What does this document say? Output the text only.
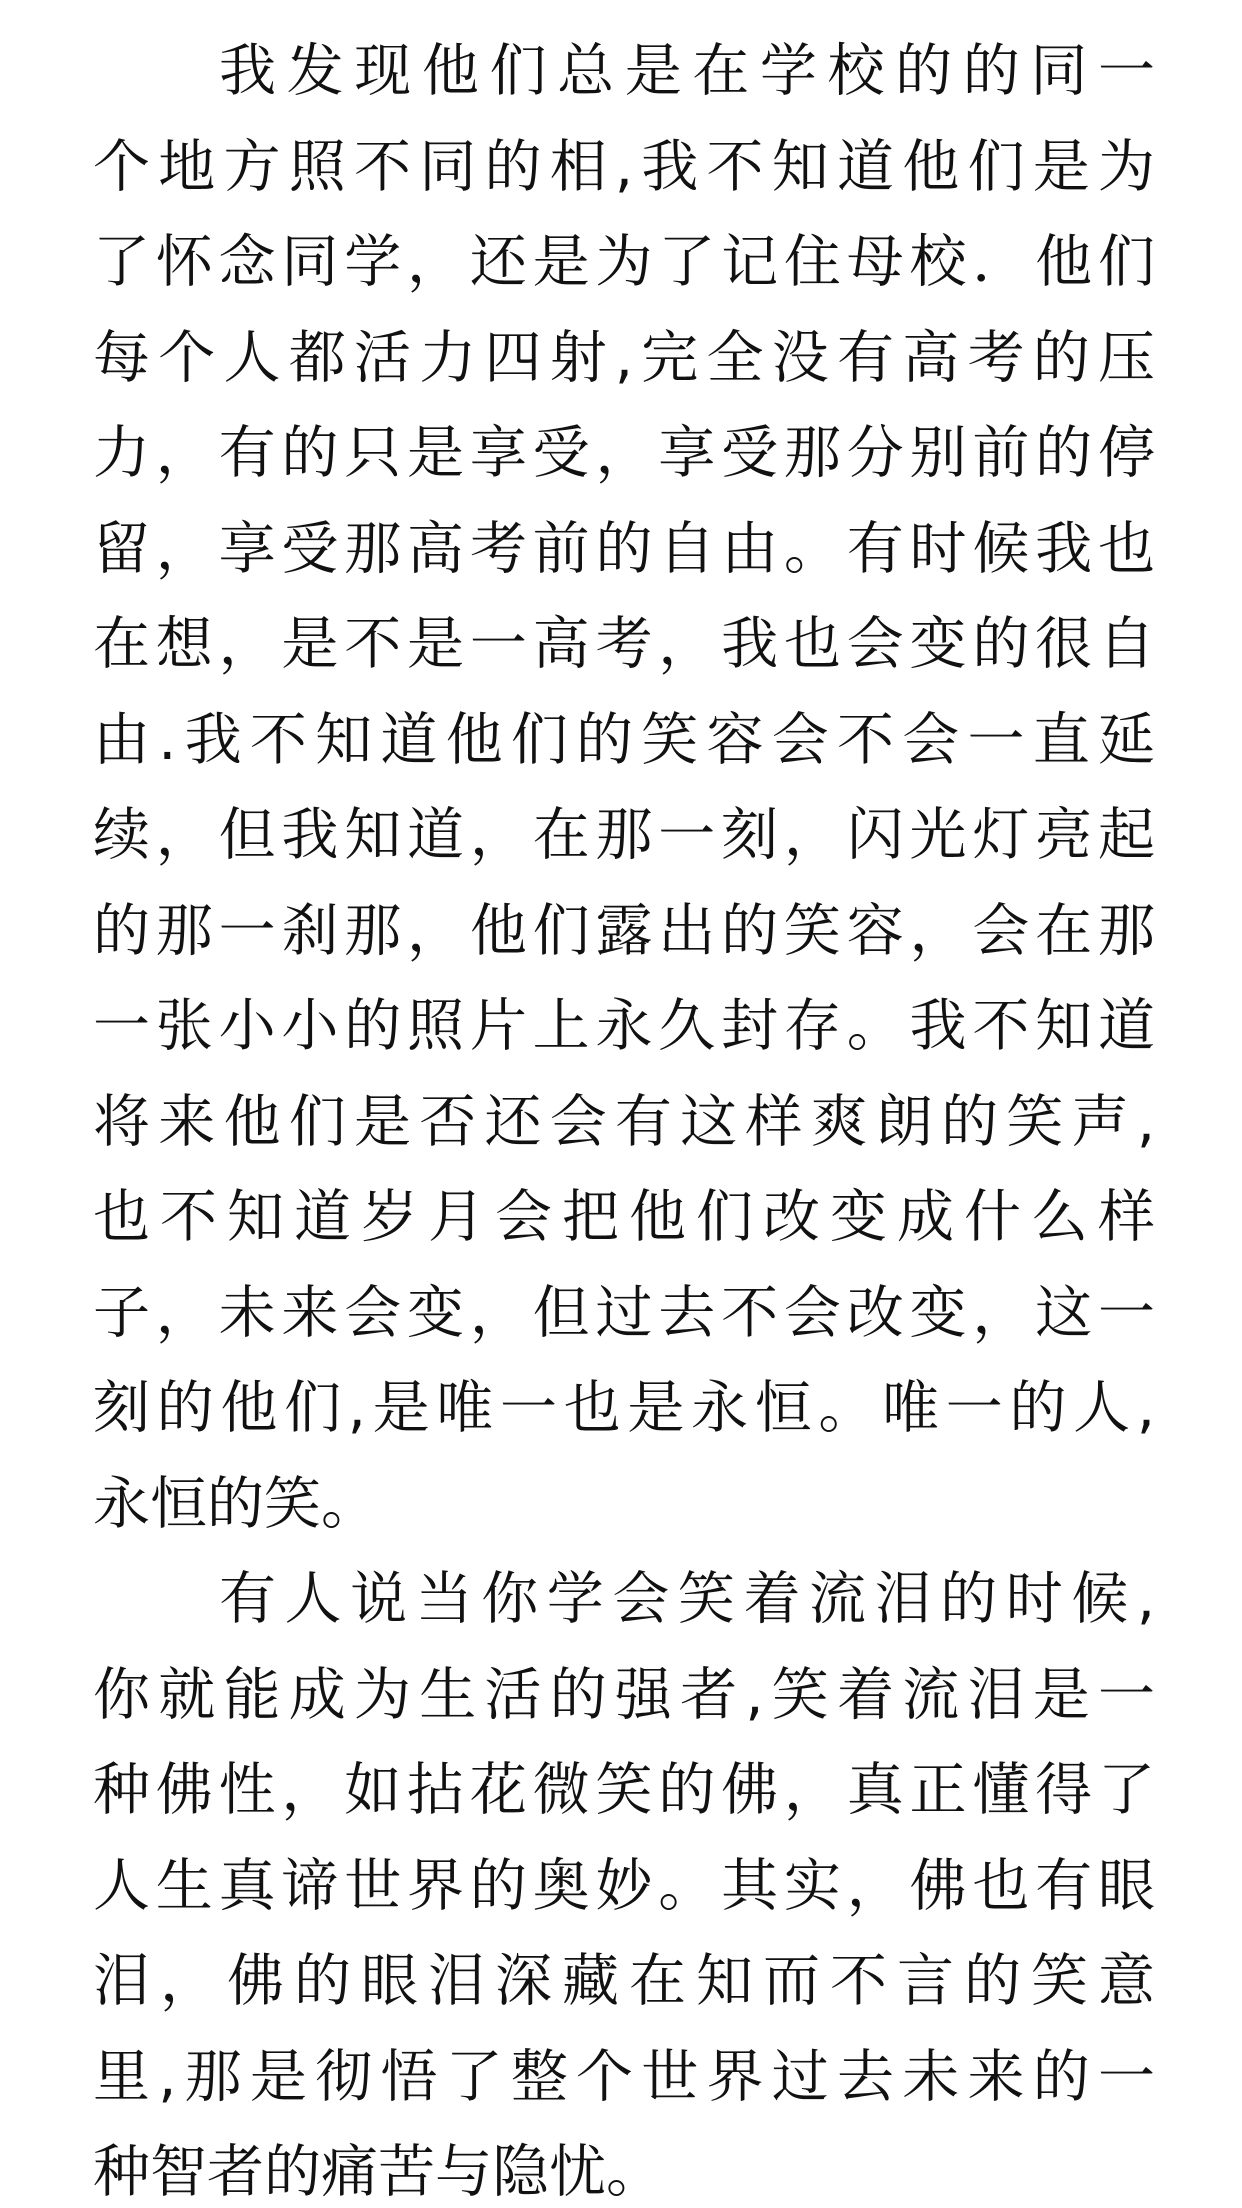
我发现他们总是在学校的的同一
个地方照不同的相,我不知道他们是为
了怀念同学，还是为了记住母校．他们
每个人都活力四射,完全没有高考的压
力，有的只是享受，享受那分别前的停
留，享受那高考前的自由。有时候我也
在想，是不是一高考，我也会变的很自
由.我不知道他们的笑容会不会一直延
续，但我知道，在那一刻，闪光灯亮起
的那一刹那，他们露出的笑容，会在那
一张小小的照片上永久封存。我不知道
将来他们是否还会有这样爽朗的笑声,
也不知道岁月会把他们改变成什么样
子，未来会变，但过去不会改变，这一
刻的他们,是唯一也是永恒。唯一的人,
永恒的笑。
有人说当你学会笑着流泪的时候,
你就能成为生活的强者,笑着流泪是一
种佛性，如拈花微笑的佛，真正懂得了
人生真谛世界的奥妙。其实，佛也有眼
泪，佛的眼泪深藏在知而不言的笑意
里,那是彻悟了整个世界过去未来的一
种智者的痛苦与隐忧。
